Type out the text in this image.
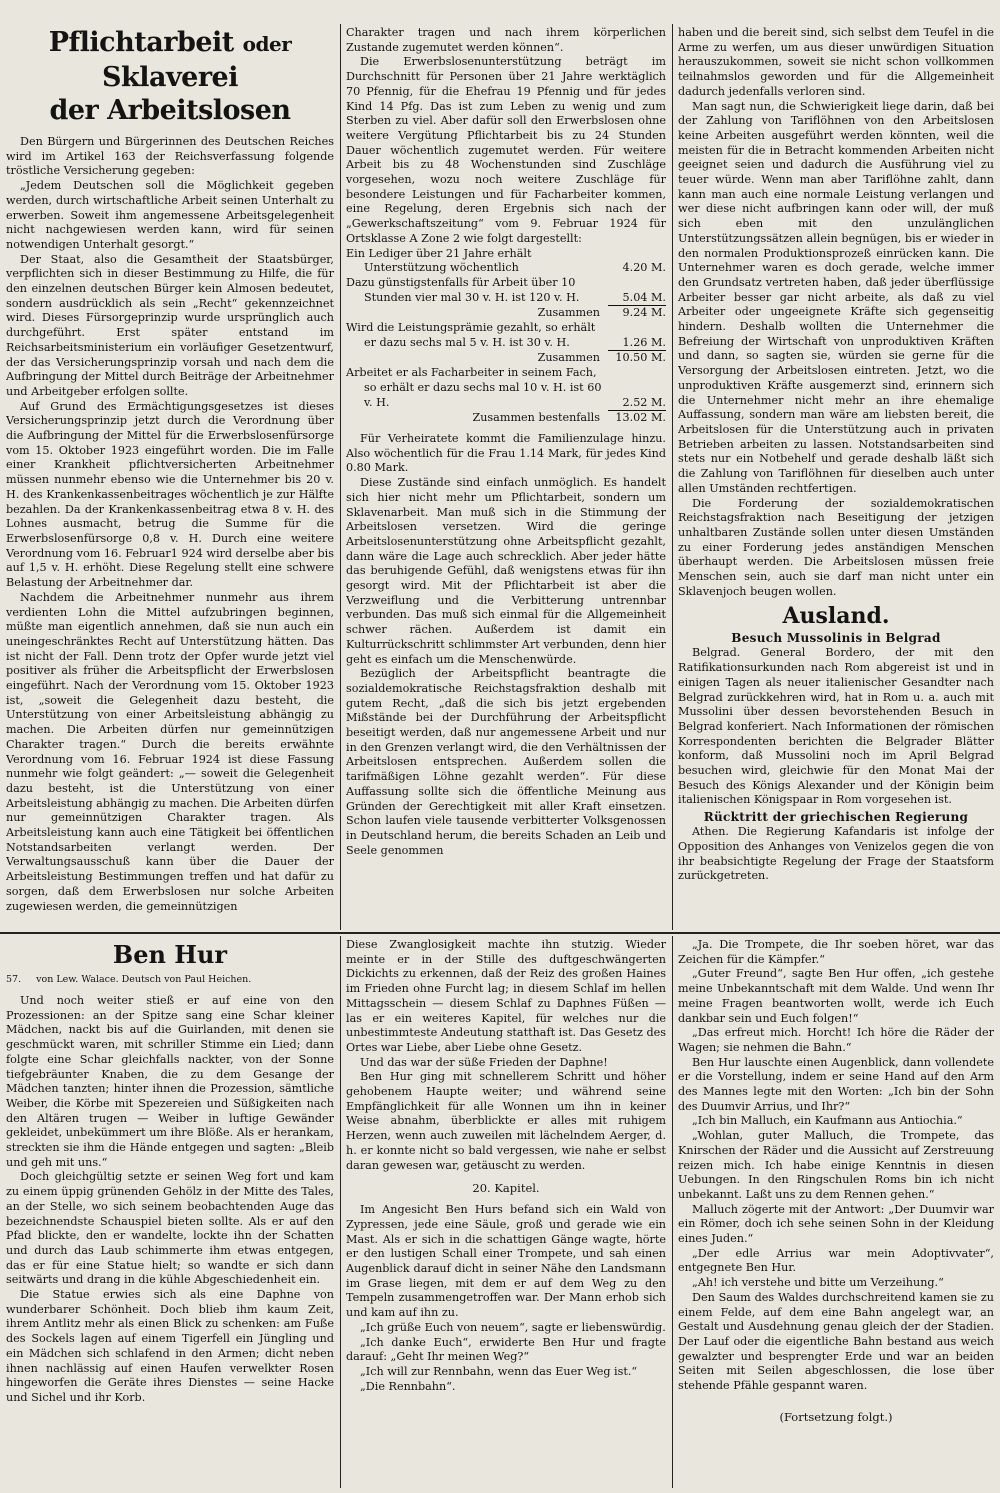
Pflichtarbeit oder Sklaverei
der Arbeitslosen

Den Bürgern und Bürgerinnen des Deutschen Reiches wird im Artikel 163 der Reichsverfassung folgende tröstliche Versicherung gegeben:

„Jedem Deutschen soll die Möglichkeit gegeben werden, durch wirtschaftliche Arbeit seinen Unterhalt zu erwerben. Soweit ihm angemessene Arbeitsgelegenheit nicht nachgewiesen werden kann, wird für seinen notwendigen Unterhalt gesorgt.“

Der Staat, also die Gesamtheit der Staatsbürger, verpflichten sich in dieser Bestimmung zu Hilfe, die für den einzelnen deutschen Bürger kein Almosen bedeutet, sondern ausdrücklich als sein „Recht“ gekennzeichnet wird. Dieses Fürsorgeprinzip wurde ursprünglich auch durchgeführt. Erst später entstand im Reichsarbeitsministerium ein vorläufiger Gesetzentwurf, der das Versicherungsprinzip vorsah und nach dem die Aufbringung der Mittel durch Beiträge der Arbeitnehmer und Arbeitgeber erfolgen sollte.

Auf Grund des Ermächtigungsgesetzes ist dieses Versicherungsprinzip jetzt durch die Verordnung über die Aufbringung der Mittel für die Erwerbslosenfürsorge vom 15. Oktober 1923 eingeführt worden. Die im Falle einer Krankheit pflichtversicherten Arbeitnehmer müssen nunmehr ebenso wie die Unternehmer bis 20 v. H. des Krankenkassenbeitrages wöchentlich je zur Hälfte bezahlen. Da der Krankenkassenbeitrag etwa 8 v. H. des Lohnes ausmacht, betrug die Summe für die Erwerbslosenfürsorge 0,8 v. H. Durch eine weitere Verordnung vom 16. Februar1 924 wird derselbe aber bis auf 1,5 v. H. erhöht. Diese Regelung stellt eine schwere Belastung der Arbeitnehmer dar.

Nachdem die Arbeitnehmer nunmehr aus ihrem verdienten Lohn die Mittel aufzubringen beginnen, müßte man eigentlich annehmen, daß sie nun auch ein uneingeschränktes Recht auf Unterstützung hätten. Das ist nicht der Fall. Denn trotz der Opfer wurde jetzt viel positiver als früher die Arbeitspflicht der Erwerbslosen eingeführt. Nach der Verordnung vom 15. Oktober 1923 ist, „soweit die Gelegenheit dazu besteht, die Unterstützung von einer Arbeitsleistung abhängig zu machen. Die Arbeiten dürfen nur gemeinnützigen Charakter tragen.“ Durch die bereits erwähnte Verordnung vom 16. Februar 1924 ist diese Fassung nunmehr wie folgt geändert: „— soweit die Gelegenheit dazu besteht, ist die Unterstützung von einer Arbeitsleistung abhängig zu machen. Die Arbeiten dürfen nur gemeinnützigen Charakter tragen. Als Arbeitsleistung kann auch eine Tätigkeit bei öffentlichen Notstandsarbeiten verlangt werden. Der Verwaltungsausschuß kann über die Dauer der Arbeitsleistung Bestimmungen treffen und hat dafür zu sorgen, daß dem Erwerbslosen nur solche Arbeiten zugewiesen werden, die gemeinnützigen

Charakter tragen und nach ihrem körperlichen Zustande zugemutet werden können“.

Die Erwerbslosenunterstützung beträgt im Durchschnitt für Personen über 21 Jahre werktäglich 70 Pfennig, für die Ehefrau 19 Pfennig und für jedes Kind 14 Pfg. Das ist zum Leben zu wenig und zum Sterben zu viel. Aber dafür soll den Erwerbslosen ohne weitere Vergütung Pflichtarbeit bis zu 24 Stunden Dauer wöchentlich zugemutet werden. Für weitere Arbeit bis zu 48 Wochenstunden sind Zuschläge vorgesehen, wozu noch weitere Zuschläge für besondere Leistungen und für Facharbeiter kommen, eine Regelung, deren Ergebnis sich nach der „Gewerkschaftszeitung“ vom 9. Februar 1924 für Ortsklasse A Zone 2 wie folgt dargestellt:

Ein Lediger über 21 Jahre erhält Unterstützung wöchentlich	4.20 M.
Dazu günstigstenfalls für Arbeit über 10 Stunden vier mal 30 v. H. ist 120 v. H.	5.04 M.
Zusammen	9.24 M.
Wird die Leistungsprämie gezahlt, so erhält er dazu sechs mal 5 v. H. ist 30 v. H.	1.26 M.
Zusammen	10.50 M.
Arbeitet er als Facharbeiter in seinem Fach, so erhält er dazu sechs mal 10 v. H. ist 60 v. H.	2.52 M.
Zusammen bestenfalls	13.02 M.

Für Verheiratete kommt die Familienzulage hinzu. Also wöchentlich für die Frau 1.14 Mark, für jedes Kind 0.80 Mark.

Diese Zustände sind einfach unmöglich. Es handelt sich hier nicht mehr um Pflichtarbeit, sondern um Sklavenarbeit. Man muß sich in die Stimmung der Arbeitslosen versetzen. Wird die geringe Arbeitslosenunterstützung ohne Arbeitspflicht gezahlt, dann wäre die Lage auch schrecklich. Aber jeder hätte das beruhigende Gefühl, daß wenigstens etwas für ihn gesorgt wird. Mit der Pflichtarbeit ist aber die Verzweiflung und die Verbitterung untrennbar verbunden. Das muß sich einmal für die Allgemeinheit schwer rächen. Außerdem ist damit ein Kulturrückschritt schlimmster Art verbunden, denn hier geht es einfach um die Menschenwürde.

Bezüglich der Arbeitspflicht beantragte die sozialdemokratische Reichstagsfraktion deshalb mit gutem Recht, „daß die sich bis jetzt ergebenden Mißstände bei der Durchführung der Arbeitspflicht beseitigt werden, daß nur angemessene Arbeit und nur in den Grenzen verlangt wird, die den Verhältnissen der Arbeitslosen entsprechen. Außerdem sollen die tarifmäßigen Löhne gezahlt werden“. Für diese Auffassung sollte sich die öffentliche Meinung aus Gründen der Gerechtigkeit mit aller Kraft einsetzen. Schon laufen viele tausende verbitterter Volksgenossen in Deutschland herum, die bereits Schaden an Leib und Seele genommen

haben und die bereit sind, sich selbst dem Teufel in die Arme zu werfen, um aus dieser unwürdigen Situation herauszukommen, soweit sie nicht schon vollkommen teilnahmslos geworden und für die Allgemeinheit dadurch jedenfalls verloren sind.

Man sagt nun, die Schwierigkeit liege darin, daß bei der Zahlung von Tariflöhnen von den Arbeitslosen keine Arbeiten ausgeführt werden könnten, weil die meisten für die in Betracht kommenden Arbeiten nicht geeignet seien und dadurch die Ausführung viel zu teuer würde. Wenn man aber Tariflöhne zahlt, dann kann man auch eine normale Leistung verlangen und wer diese nicht aufbringen kann oder will, der muß sich eben mit den unzulänglichen Unterstützungssätzen allein begnügen, bis er wieder in den normalen Produktionsprozeß einrücken kann. Die Unternehmer waren es doch gerade, welche immer den Grundsatz vertreten haben, daß jeder überflüssige Arbeiter besser gar nicht arbeite, als daß zu viel Arbeiter oder ungeeignete Kräfte sich gegenseitig hindern. Deshalb wollten die Unternehmer die Befreiung der Wirtschaft von unproduktiven Kräften und dann, so sagten sie, würden sie gerne für die Versorgung der Arbeitslosen eintreten. Jetzt, wo die unproduktiven Kräfte ausgemerzt sind, erinnern sich die Unternehmer nicht mehr an ihre ehemalige Auffassung, sondern man wäre am liebsten bereit, die Arbeitslosen für die Unterstützung auch in privaten Betrieben arbeiten zu lassen. Notstandsarbeiten sind stets nur ein Notbehelf und gerade deshalb läßt sich die Zahlung von Tariflöhnen für dieselben auch unter allen Umständen rechtfertigen.

Die Forderung der sozialdemokratischen Reichstagsfraktion nach Beseitigung der jetzigen unhaltbaren Zustände sollen unter diesen Umständen zu einer Forderung jedes anständigen Menschen überhaupt werden. Die Arbeitslosen müssen freie Menschen sein, auch sie darf man nicht unter ein Sklavenjoch beugen wollen.

Ausland.
Besuch Mussolinis in Belgrad

Belgrad. General Bordero, der mit den Ratifikationsurkunden nach Rom abgereist ist und in einigen Tagen als neuer italienischer Gesandter nach Belgrad zurückkehren wird, hat in Rom u. a. auch mit Mussolini über dessen bevorstehenden Besuch in Belgrad konferiert. Nach Informationen der römischen Korrespondenten berichten die Belgrader Blätter konform, daß Mussolini noch im April Belgrad besuchen wird, gleichwie für den Monat Mai der Besuch des Königs Alexander und der Königin beim italienischen Königspaar in Rom vorgesehen ist.

Rücktritt der griechischen Regierung

Athen. Die Regierung Kafandaris ist infolge der Opposition des Anhanges von Venizelos gegen die von ihr beabsichtigte Regelung der Frage der Staatsform zurückgetreten.

Ben Hur
57. von Lew. Walace. Deutsch von Paul Heichen.

Und noch weiter stieß er auf eine von den Prozessionen: an der Spitze sang eine Schar kleiner Mädchen, nackt bis auf die Guirlanden, mit denen sie geschmückt waren, mit schriller Stimme ein Lied; dann folgte eine Schar gleichfalls nackter, von der Sonne tiefgebräunter Knaben, die zu dem Gesange der Mädchen tanzten; hinter ihnen die Prozession, sämtliche Weiber, die Körbe mit Spezereien und Süßigkeiten nach den Altären trugen — Weiber in luftige Gewänder gekleidet, unbekümmert um ihre Blöße. Als er herankam, streckten sie ihm die Hände entgegen und sagten: „Bleib und geh mit uns.“

Doch gleichgültig setzte er seinen Weg fort und kam zu einem üppig grünenden Gehölz in der Mitte des Tales, an der Stelle, wo sich seinem beobachtenden Auge das bezeichnendste Schauspiel bieten sollte. Als er auf den Pfad blickte, den er wandelte, lockte ihn der Schatten und durch das Laub schimmerte ihm etwas entgegen, das er für eine Statue hielt; so wandte er sich dann seitwärts und drang in die kühle Abgeschiedenheit ein.

Die Statue erwies sich als eine Daphne von wunderbarer Schönheit. Doch blieb ihm kaum Zeit, ihrem Antlitz mehr als einen Blick zu schenken: am Fuße des Sockels lagen auf einem Tigerfell ein Jüngling und ein Mädchen sich schlafend in den Armen; dicht neben ihnen nachlässig auf einen Haufen verwelkter Rosen hingeworfen die Geräte ihres Dienstes — seine Hacke und Sichel und ihr Korb.

Diese Zwanglosigkeit machte ihn stutzig. Wieder meinte er in der Stille des duftgeschwängerten Dickichts zu erkennen, daß der Reiz des großen Haines im Frieden ohne Furcht lag; in diesem Schlaf im hellen Mittagsschein — diesem Schlaf zu Daphnes Füßen — las er ein weiteres Kapitel, für welches nur die unbestimmteste Andeutung statthaft ist. Das Gesetz des Ortes war Liebe, aber Liebe ohne Gesetz.

Und das war der süße Frieden der Daphne!

Ben Hur ging mit schnellerem Schritt und höher gehobenem Haupte weiter; und während seine Empfänglichkeit für alle Wonnen um ihn in keiner Weise abnahm, überblickte er alles mit ruhigem Herzen, wenn auch zuweilen mit lächelndem Aerger, d. h. er konnte nicht so bald vergessen, wie nahe er selbst daran gewesen war, getäuscht zu werden.

20. Kapitel.

Im Angesicht Ben Hurs befand sich ein Wald von Zypressen, jede eine Säule, groß und gerade wie ein Mast. Als er sich in die schattigen Gänge wagte, hörte er den lustigen Schall einer Trompete, und sah einen Augenblick darauf dicht in seiner Nähe den Landsmann im Grase liegen, mit dem er auf dem Weg zu den Tempeln zusammengetroffen war. Der Mann erhob sich und kam auf ihn zu.

„Ich grüße Euch von neuem“, sagte er liebenswürdig.

„Ich danke Euch“, erwiderte Ben Hur und fragte darauf: „Geht Ihr meinen Weg?“

„Ich will zur Rennbahn, wenn das Euer Weg ist.“

„Die Rennbahn“.

„Ja. Die Trompete, die Ihr soeben höret, war das Zeichen für die Kämpfer.“

„Guter Freund“, sagte Ben Hur offen, „ich gestehe meine Unbekanntschaft mit dem Walde. Und wenn Ihr meine Fragen beantworten wollt, werde ich Euch dankbar sein und Euch folgen!“

„Das erfreut mich. Horcht! Ich höre die Räder der Wagen; sie nehmen die Bahn.“

Ben Hur lauschte einen Augenblick, dann vollendete er die Vorstellung, indem er seine Hand auf den Arm des Mannes legte mit den Worten: „Ich bin der Sohn des Duumvir Arrius, und Ihr?“

„Ich bin Malluch, ein Kaufmann aus Antiochia.“

„Wohlan, guter Malluch, die Trompete, das Knirschen der Räder und die Aussicht auf Zerstreuung reizen mich. Ich habe einige Kenntnis in diesen Uebungen. In den Ringschulen Roms bin ich nicht unbekannt. Laßt uns zu dem Rennen gehen.“

Malluch zögerte mit der Antwort: „Der Duumvir war ein Römer, doch ich sehe seinen Sohn in der Kleidung eines Juden.“

„Der edle Arrius war mein Adoptivvater“, entgegnete Ben Hur.

„Ah! ich verstehe und bitte um Verzeihung.“

Den Saum des Waldes durchschreitend kamen sie zu einem Felde, auf dem eine Bahn angelegt war, an Gestalt und Ausdehnung genau gleich der der Stadien. Der Lauf oder die eigentliche Bahn bestand aus weich gewalzter und besprengter Erde und war an beiden Seiten mit Seilen abgeschlossen, die lose über stehende Pfähle gespannt waren.

(Fortsetzung folgt.)
